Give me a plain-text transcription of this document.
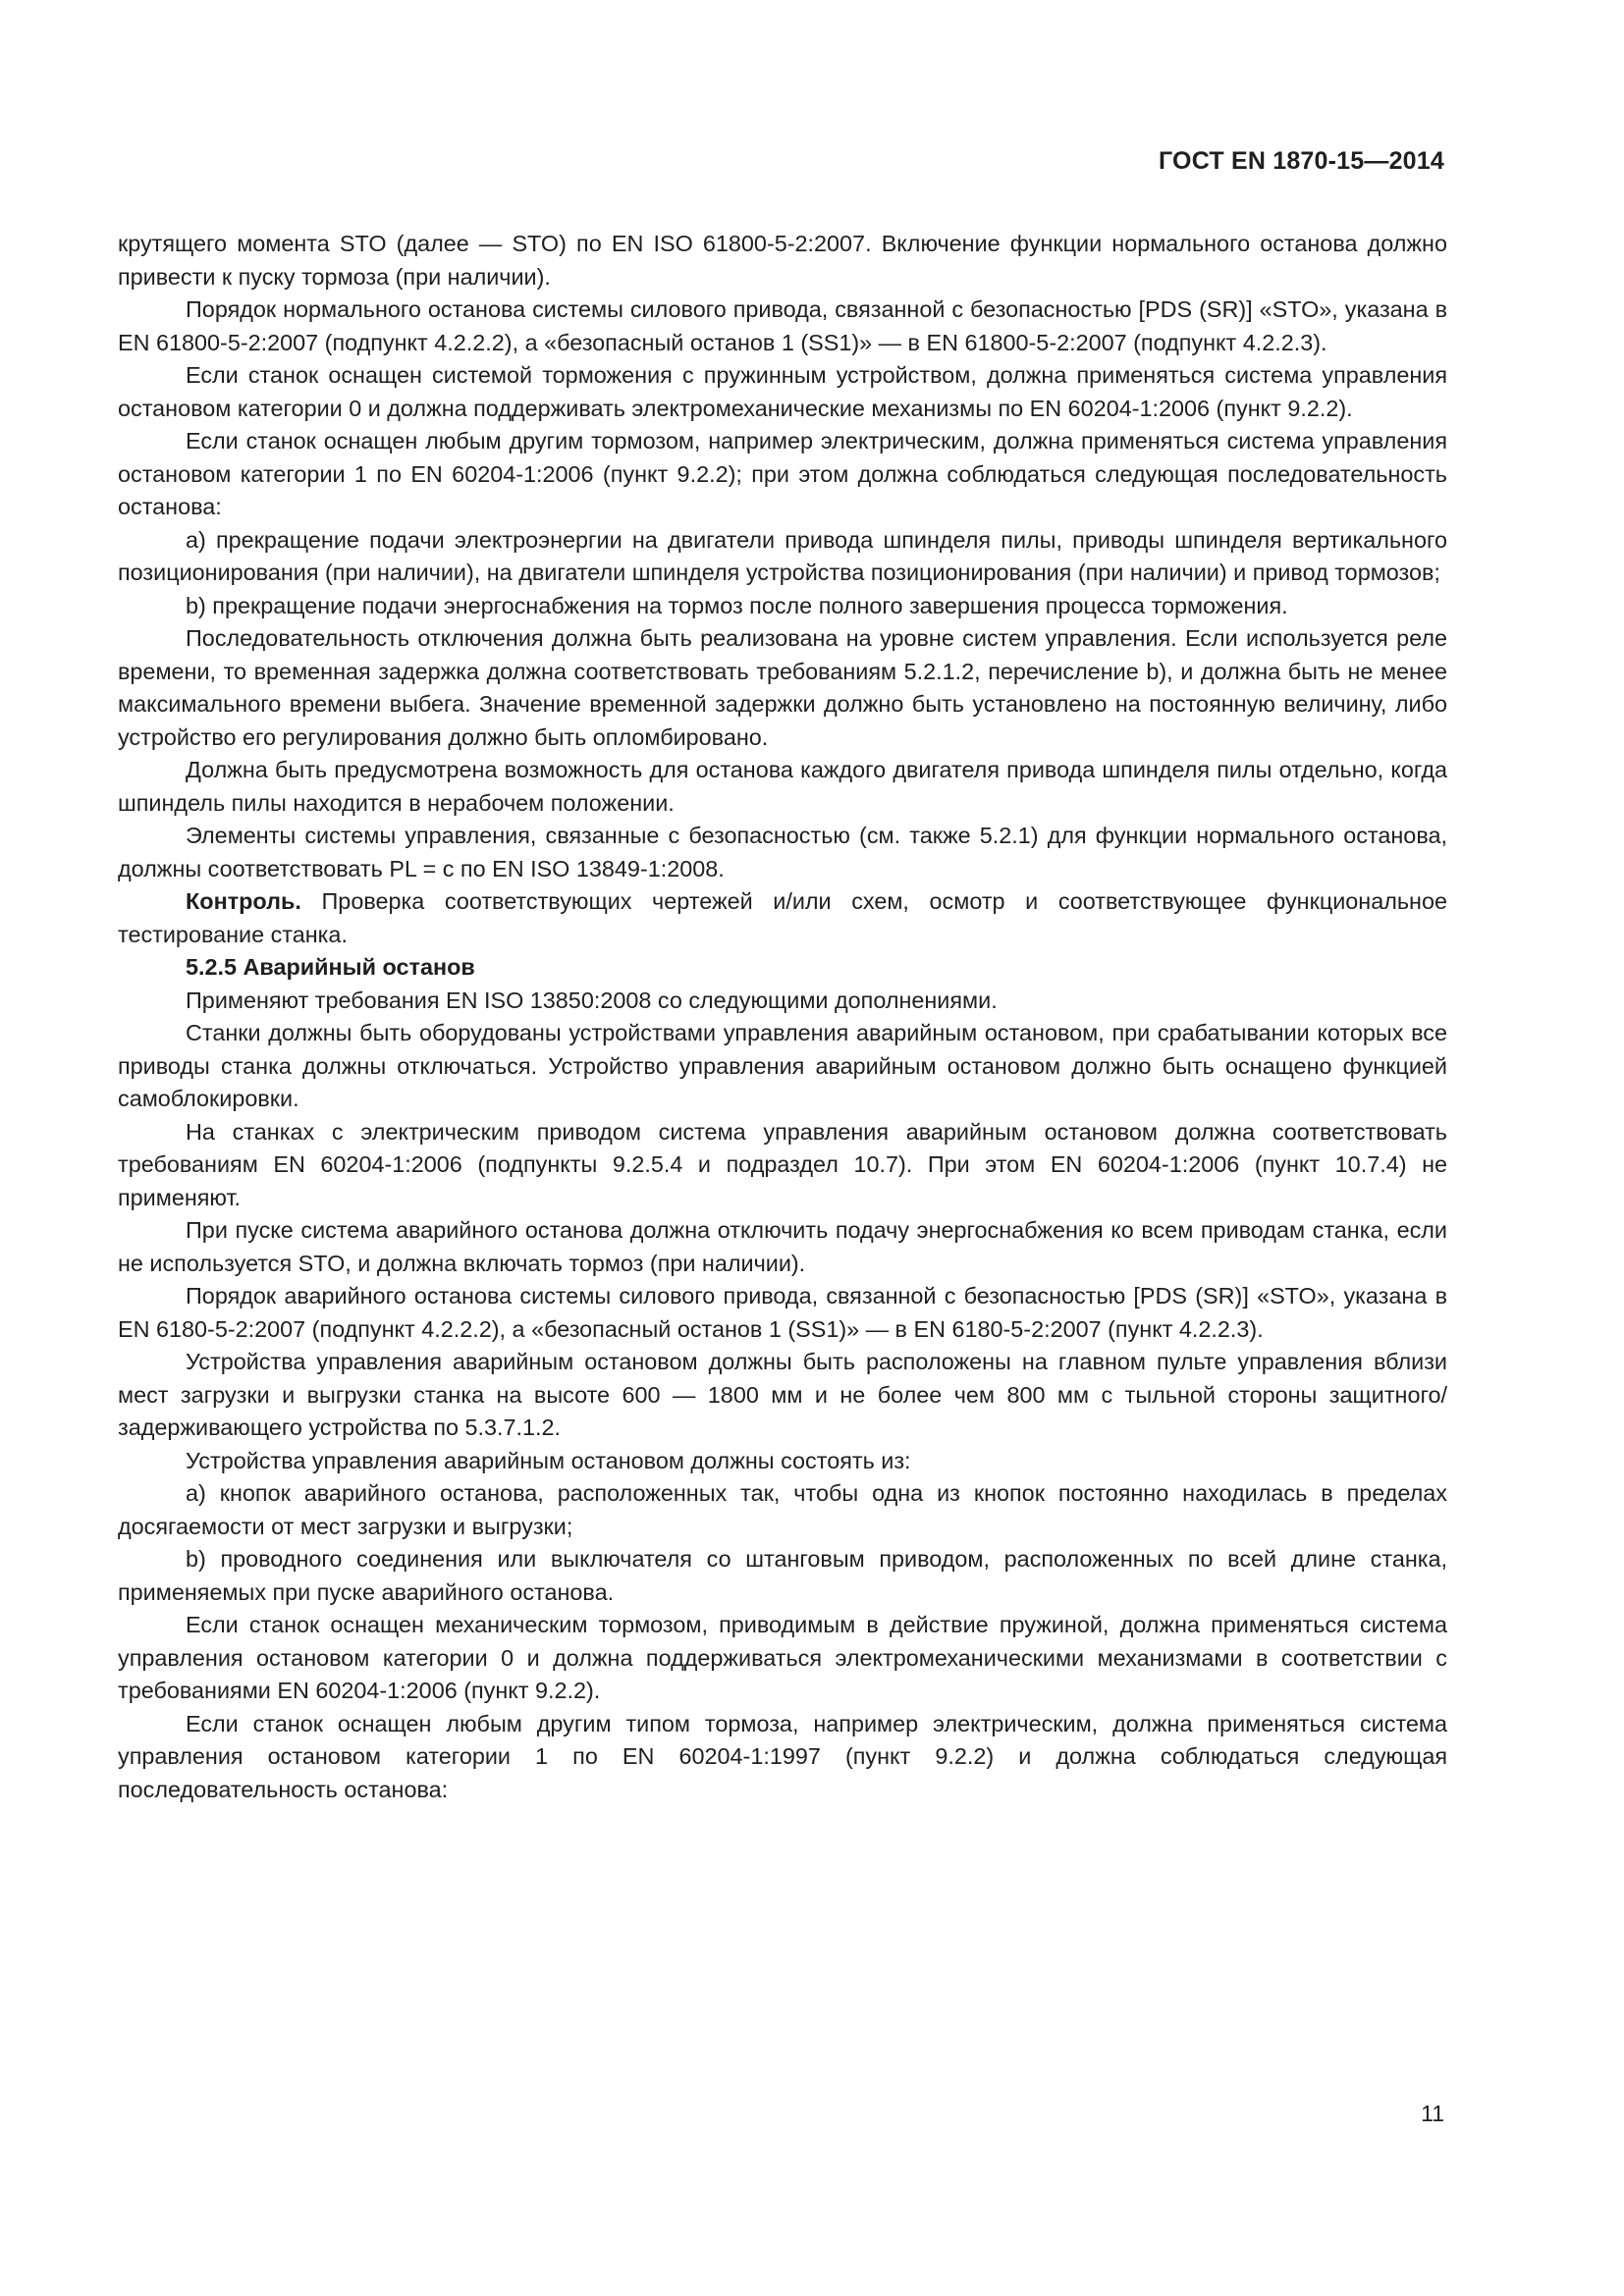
ГОСТ EN 1870-15—2014

крутящего момента STO (далее — STO) по EN ISO 61800-5-2:2007. Включение функции нормального останова должно привести к пуску тормоза (при наличии).

Порядок нормального останова системы силового привода, связанной с безопасностью [PDS (SR)] «STO», указана в EN 61800-5-2:2007 (подпункт 4.2.2.2), а «безопасный останов 1 (SS1)» — в EN 61800-5-2:2007 (подпункт 4.2.2.3).

Если станок оснащен системой торможения с пружинным устройством, должна применяться система управления остановом категории 0 и должна поддерживать электромеханические механизмы по EN 60204-1:2006 (пункт 9.2.2).

Если станок оснащен любым другим тормозом, например электрическим, должна применяться система управления остановом категории 1 по EN 60204-1:2006 (пункт 9.2.2); при этом должна соблюдаться следующая последовательность останова:

a) прекращение подачи электроэнергии на двигатели привода шпинделя пилы, приводы шпинделя вертикального позиционирования (при наличии), на двигатели шпинделя устройства позиционирования (при наличии) и привод тормозов;

b) прекращение подачи энергоснабжения на тормоз после полного завершения процесса торможения.

Последовательность отключения должна быть реализована на уровне систем управления. Если используется реле времени, то временная задержка должна соответствовать требованиям 5.2.1.2, перечисление b), и должна быть не менее максимального времени выбега. Значение временной задержки должно быть установлено на постоянную величину, либо устройство его регулирования должно быть опломбировано.

Должна быть предусмотрена возможность для останова каждого двигателя привода шпинделя пилы отдельно, когда шпиндель пилы находится в нерабочем положении.

Элементы системы управления, связанные с безопасностью (см. также 5.2.1) для функции нормального останова, должны соответствовать PL = c по EN ISO 13849-1:2008.

Контроль. Проверка соответствующих чертежей и/или схем, осмотр и соответствующее функциональное тестирование станка.

5.2.5 Аварийный останов

Применяют требования EN ISO 13850:2008 со следующими дополнениями.

Станки должны быть оборудованы устройствами управления аварийным остановом, при срабатывании которых все приводы станка должны отключаться. Устройство управления аварийным остановом должно быть оснащено функцией самоблокировки.

На станках с электрическим приводом система управления аварийным остановом должна соответствовать требованиям EN 60204-1:2006 (подпункты 9.2.5.4 и подраздел 10.7). При этом EN 60204-1:2006 (пункт 10.7.4) не применяют.

При пуске система аварийного останова должна отключить подачу энергоснабжения ко всем приводам станка, если не используется STO, и должна включать тормоз (при наличии).

Порядок аварийного останова системы силового привода, связанной с безопасностью [PDS (SR)] «STO», указана в EN 6180-5-2:2007 (подпункт 4.2.2.2), а «безопасный останов 1 (SS1)» — в EN 6180-5-2:2007 (пункт 4.2.2.3).

Устройства управления аварийным остановом должны быть расположены на главном пульте управления вблизи мест загрузки и выгрузки станка на высоте 600 — 1800 мм и не более чем 800 мм с тыльной стороны защитного/задерживающего устройства по 5.3.7.1.2.

Устройства управления аварийным остановом должны состоять из:

a) кнопок аварийного останова, расположенных так, чтобы одна из кнопок постоянно находилась в пределах досягаемости от мест загрузки и выгрузки;

b) проводного соединения или выключателя со штанговым приводом, расположенных по всей длине станка, применяемых при пуске аварийного останова.

Если станок оснащен механическим тормозом, приводимым в действие пружиной, должна применяться система управления остановом категории 0 и должна поддерживаться электромеханическими механизмами в соответствии с требованиями EN 60204-1:2006 (пункт 9.2.2).

Если станок оснащен любым другим типом тормоза, например электрическим, должна применяться система управления остановом категории 1 по EN 60204-1:1997 (пункт 9.2.2) и должна соблюдаться следующая последовательность останова:

11
